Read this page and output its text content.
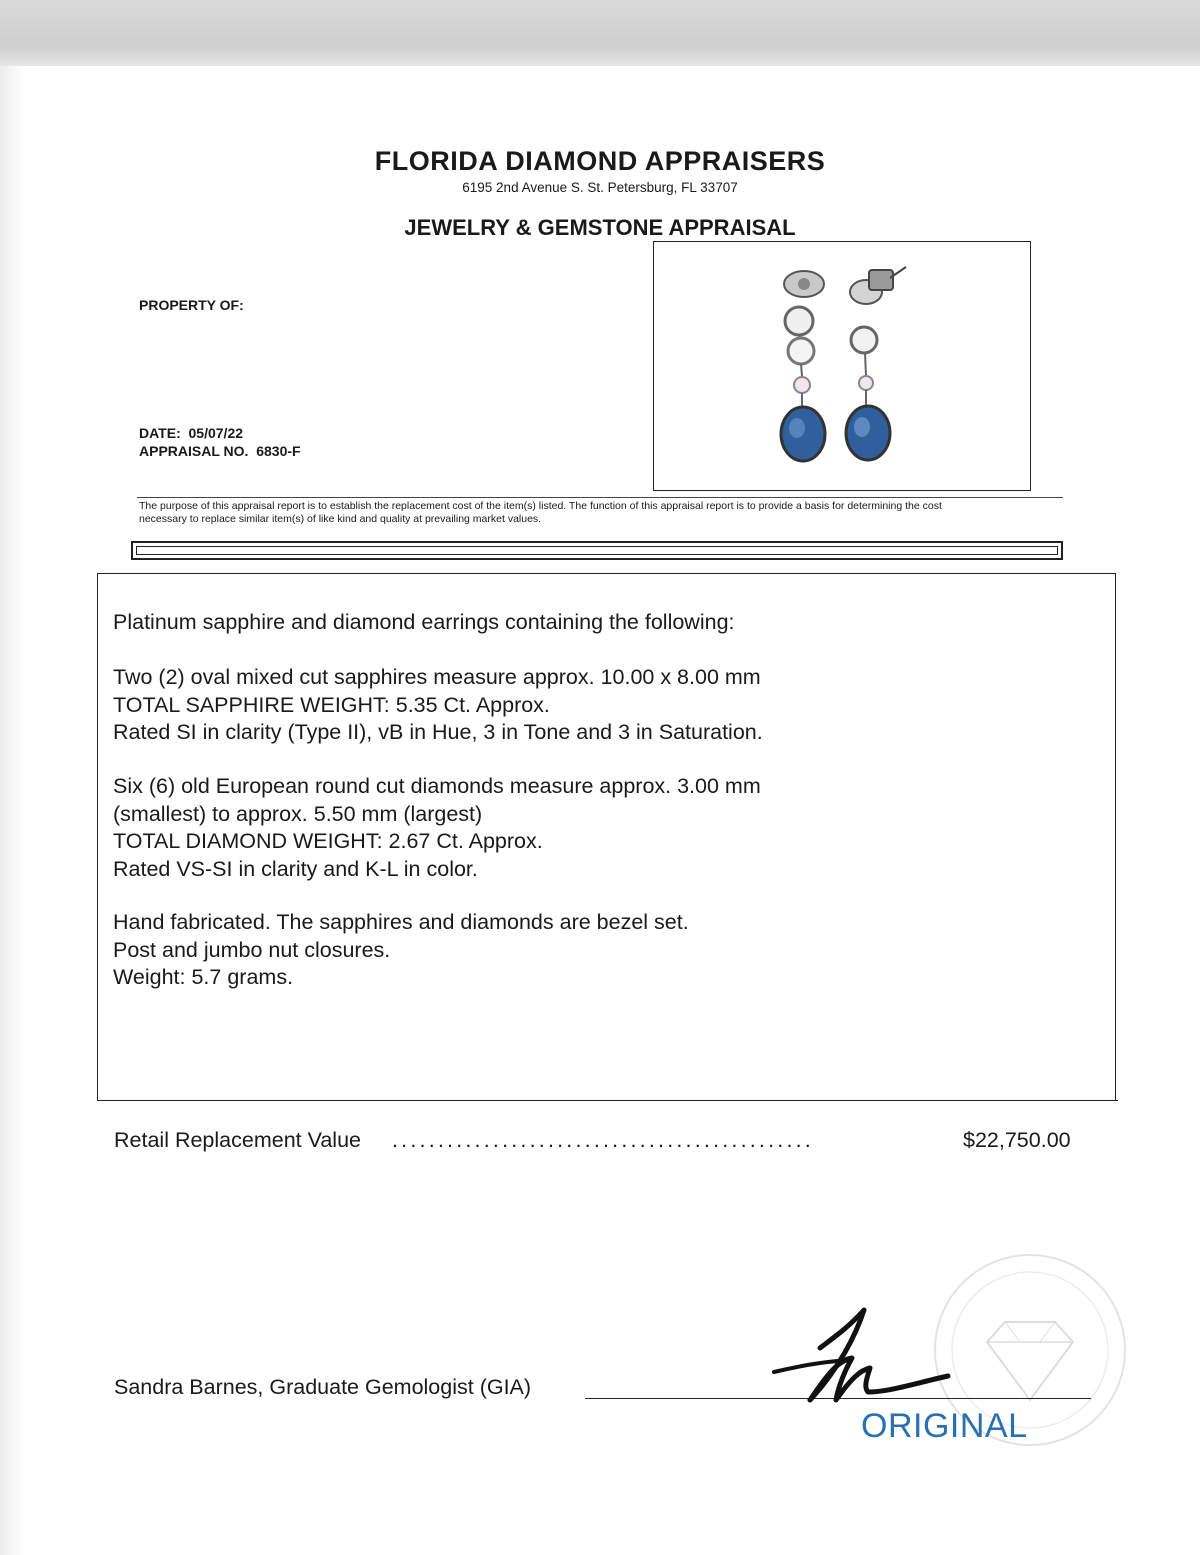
FLORIDA DIAMOND APPRAISERS
6195 2nd Avenue S. St. Petersburg, FL 33707
JEWELRY & GEMSTONE APPRAISAL
PROPERTY OF:
DATE: 05/07/22
APPRAISAL NO. 6830-F
The purpose of this appraisal report is to establish the replacement cost of the item(s) listed. The function of this appraisal report is to provide a basis for determining the cost
necessary to replace similar item(s) of like kind and quality at prevailing market values.
Platinum sapphire and diamond earrings containing the following:
Two (2) oval mixed cut sapphires measure approx. 10.00 x 8.00 mm
TOTAL SAPPHIRE WEIGHT: 5.35 Ct. Approx.
Rated SI in clarity (Type II), vB in Hue, 3 in Tone and 3 in Saturation.
Six (6) old European round cut diamonds measure approx. 3.00 mm
(smallest) to approx. 5.50 mm (largest)
TOTAL DIAMOND WEIGHT: 2.67 Ct. Approx.
Rated VS-SI in clarity and K-L in color.
Hand fabricated. The sapphires and diamonds are bezel set.
Post and jumbo nut closures.
Weight: 5.7 grams.
Retail Replacement Value ..............................................	$22,750.00
Sandra Barnes, Graduate Gemologist (GIA)
ORIGINAL
